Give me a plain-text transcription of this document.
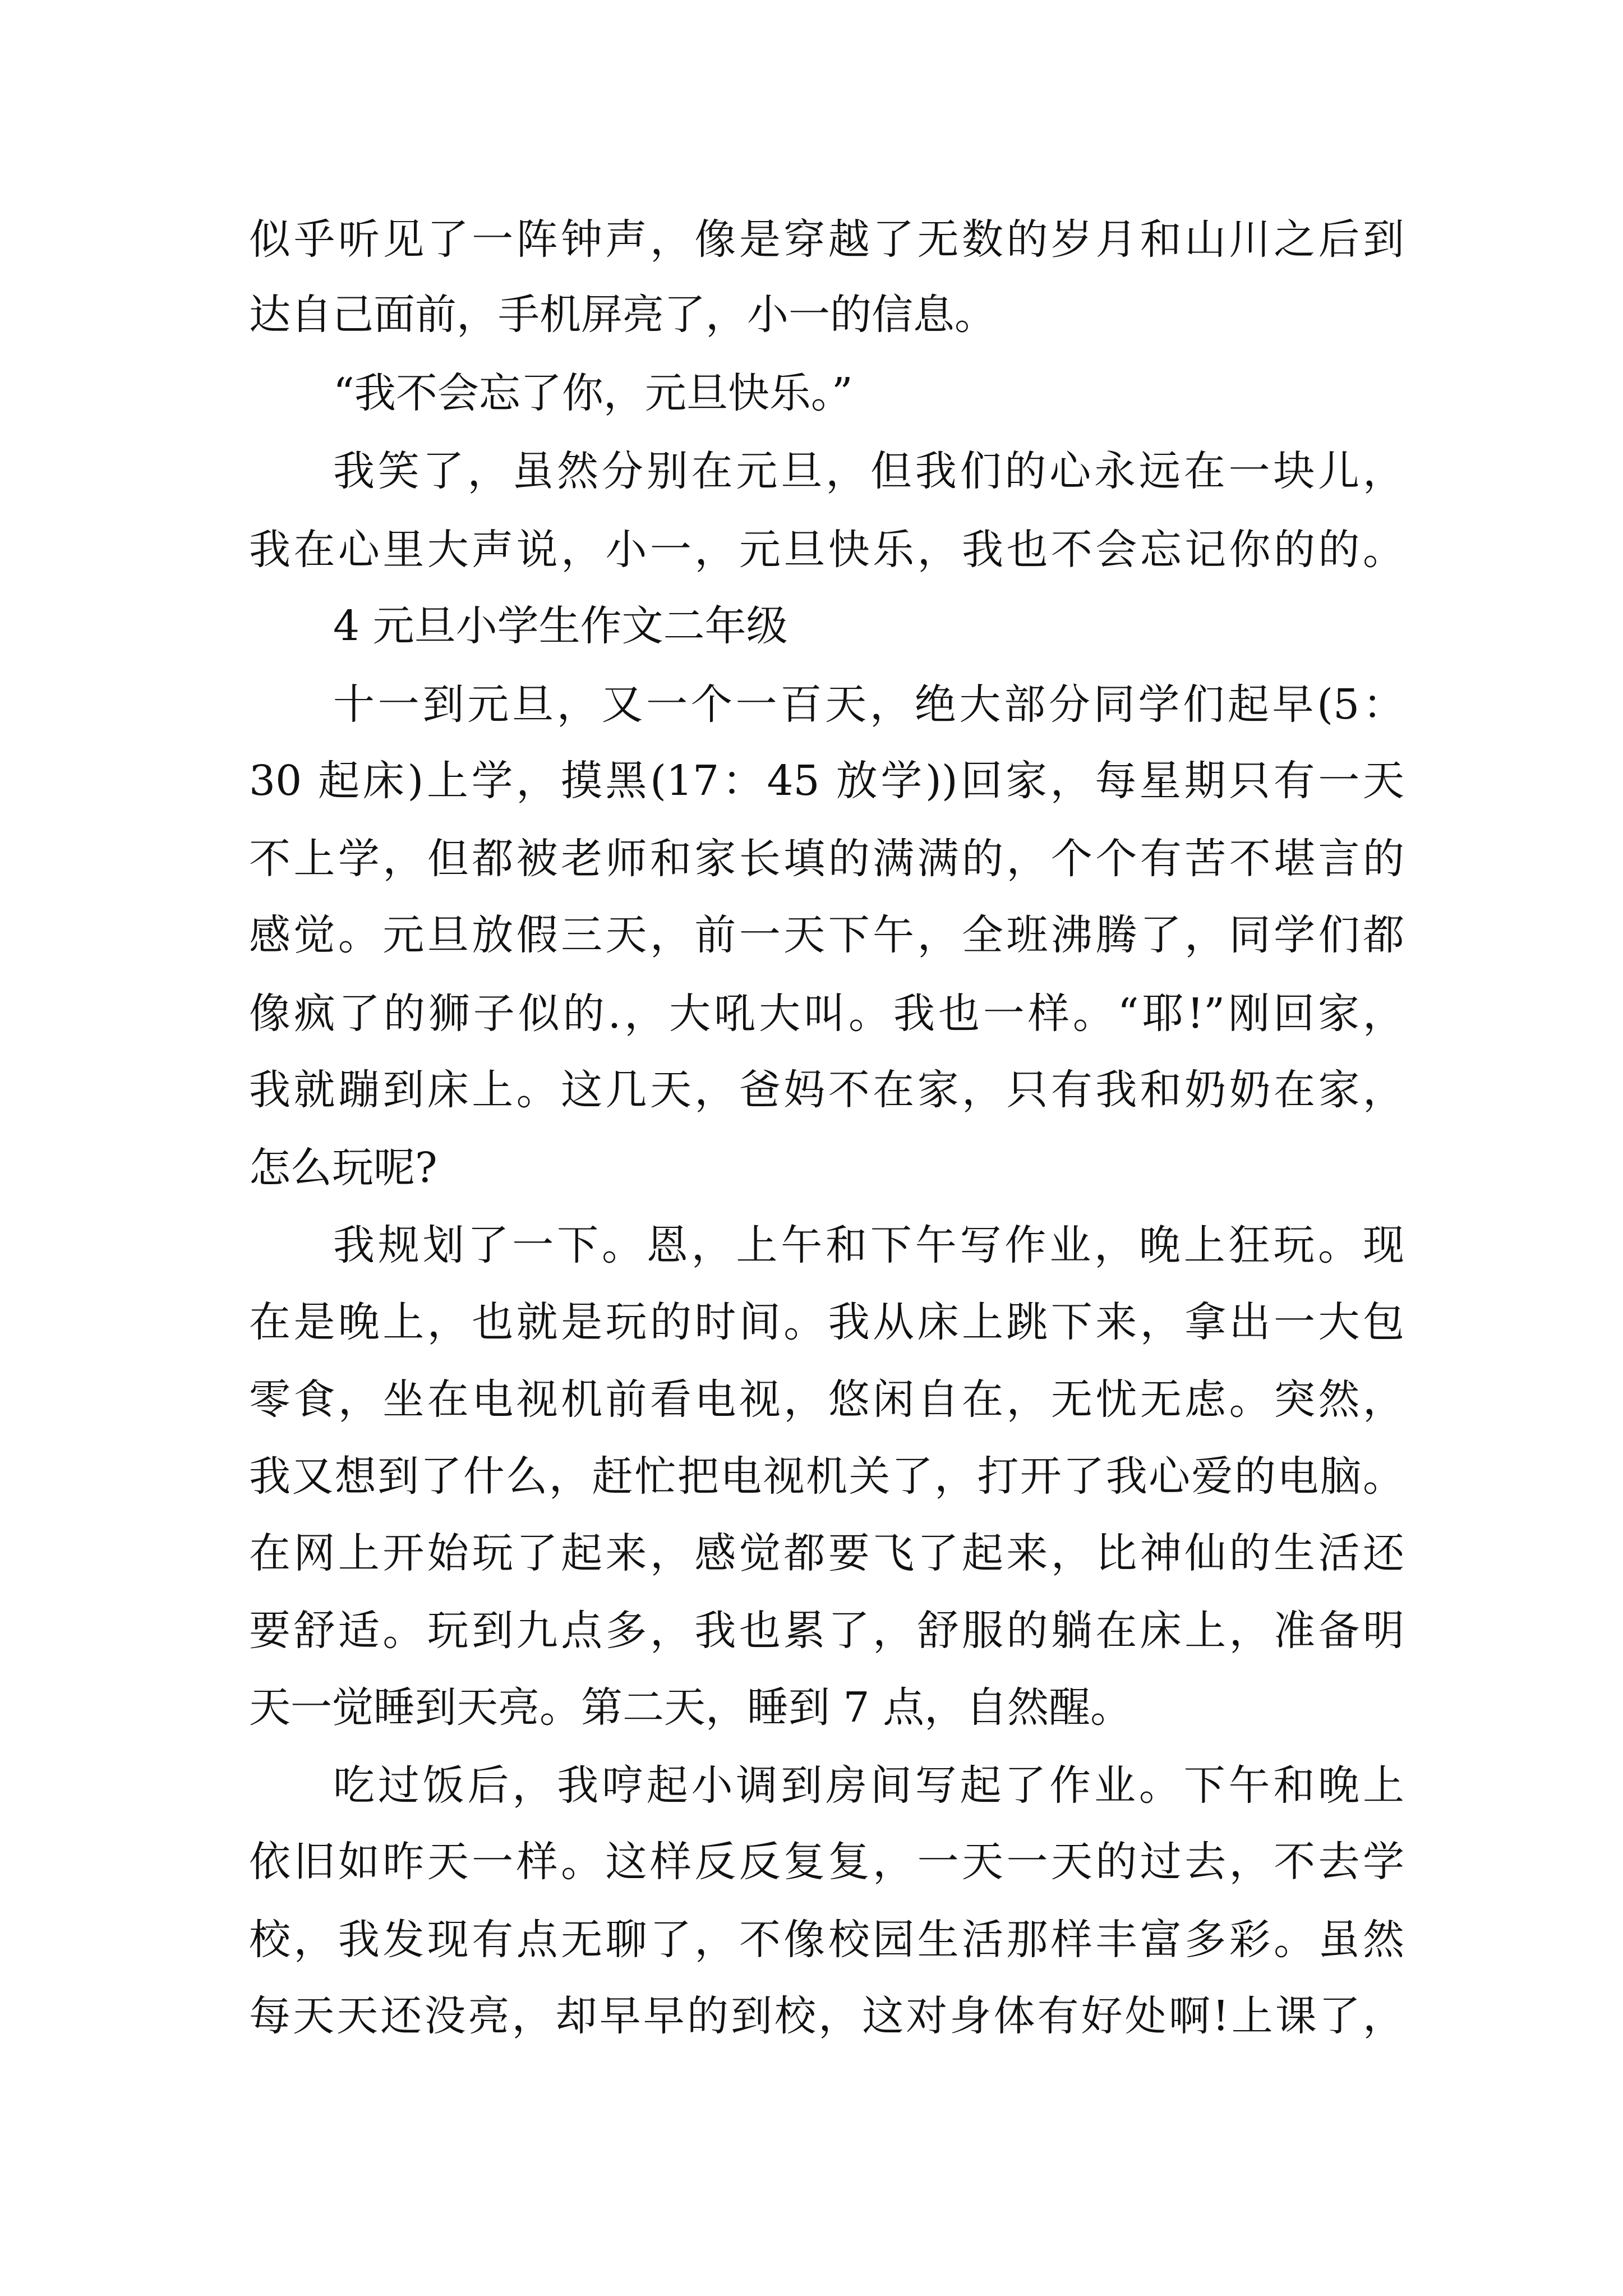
似乎听见了一阵钟声，像是穿越了无数的岁月和山川之后到
达自己面前，手机屏亮了，小一的信息。
“我不会忘了你，元旦快乐。”
我笑了，虽然分别在元旦，但我们的心永远在一块儿，
我在心里大声说，小一，元旦快乐，我也不会忘记你的的。
4 元旦小学生作文二年级
十一到元旦，又一个一百天，绝大部分同学们起早(5：
30 起床)上学，摸黑(17：45 放学))回家，每星期只有一天
不上学，但都被老师和家长填的满满的，个个有苦不堪言的
感觉。元旦放假三天，前一天下午，全班沸腾了，同学们都
像疯了的狮子似的.，大吼大叫。我也一样。“耶!”刚回家，
我就蹦到床上。这几天，爸妈不在家，只有我和奶奶在家，
怎么玩呢?
我规划了一下。恩，上午和下午写作业，晚上狂玩。现
在是晚上，也就是玩的时间。我从床上跳下来，拿出一大包
零食，坐在电视机前看电视，悠闲自在，无忧无虑。突然，
我又想到了什么，赶忙把电视机关了，打开了我心爱的电脑。
在网上开始玩了起来，感觉都要飞了起来，比神仙的生活还
要舒适。玩到九点多，我也累了，舒服的躺在床上，准备明
天一觉睡到天亮。第二天，睡到 7 点，自然醒。
吃过饭后，我哼起小调到房间写起了作业。下午和晚上
依旧如昨天一样。这样反反复复，一天一天的过去，不去学
校，我发现有点无聊了，不像校园生活那样丰富多彩。虽然
每天天还没亮，却早早的到校，这对身体有好处啊!上课了，
